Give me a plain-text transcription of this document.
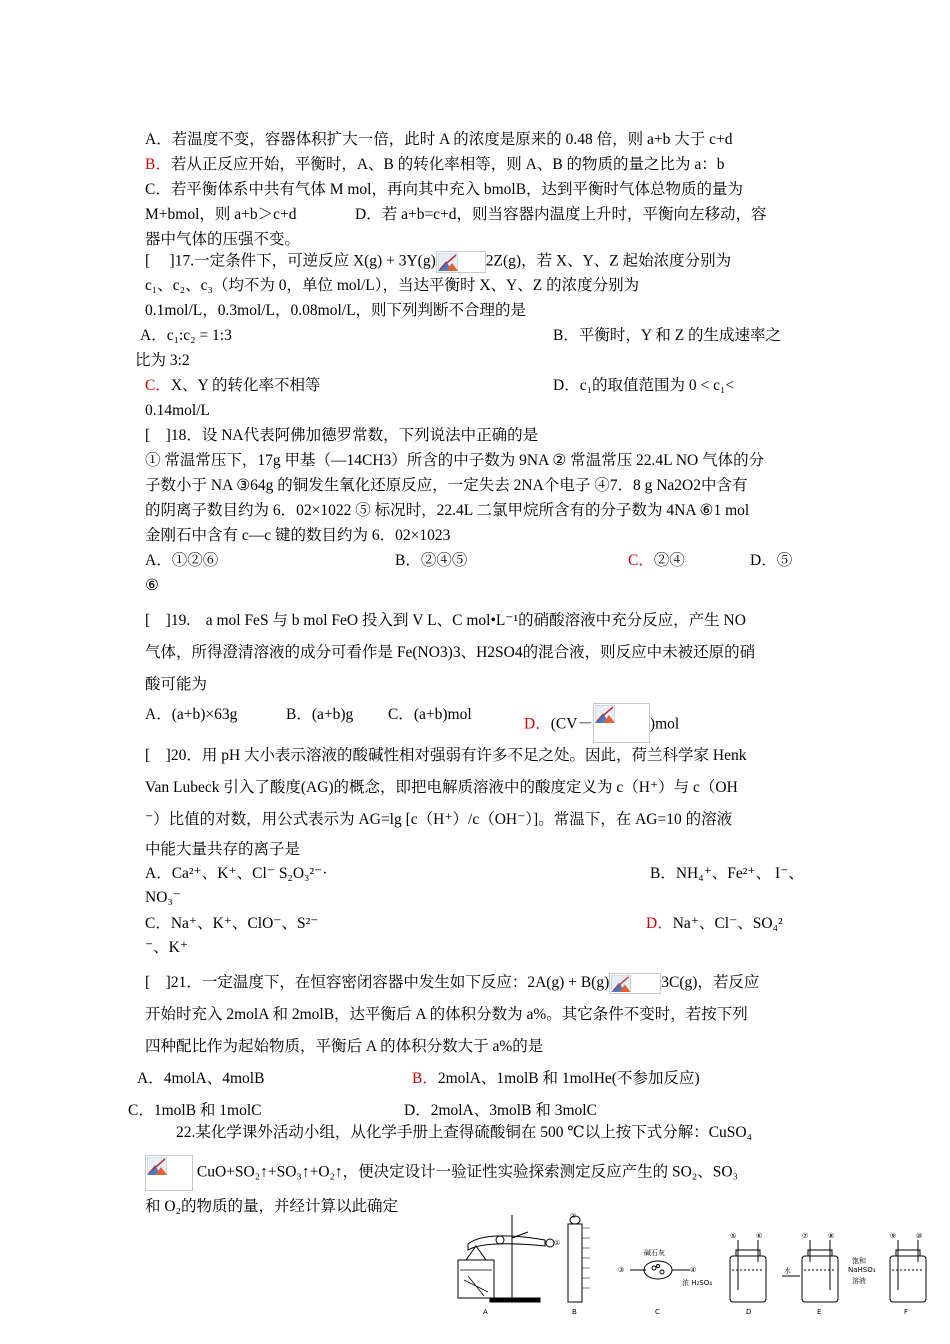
A．若温度不变，容器体积扩大一倍，此时 A 的浓度是原来的 0.48 倍，则 a+b 大于 c+d
B．若从正反应开始，平衡时，A、B 的转化率相等，则 A、B 的物质的量之比为 a：b
C．若平衡体系中共有气体 M mol，再向其中充入 bmolB，达到平衡时气体总物质的量为
M+bmol，则 a+b＞c+d	D．若 a+b=c+d，则当容器内温度上升时，平衡向左移动，容
器中气体的压强不变。
[　 ]17.一定条件下，可逆反应 X(g) + 3Y(g)	2Z(g)，若 X、Y、Z 起始浓度分别为
c₁、c₂、c₃（均不为 0，单位 mol/L），当达平衡时 X、Y、Z 的浓度分别为
0.1mol/L，0.3mol/L，0.08mol/L，则下列判断不合理的是
A．c₁:c₂ = 1:3	B．平衡时，Y 和 Z 的生成速率之
比为 3:2
C．X、Y 的转化率不相等	D．c₁的取值范围为 0 < c₁<
0.14mol/L
[　]18．设 NA代表阿佛加德罗常数，下列说法中正确的是
① 常温常压下，17g 甲基（—14CH3）所含的中子数为 9NA ② 常温常压 22.4L NO 气体的分
子数小于 NA ③64g 的铜发生氧化还原反应，一定失去 2NA个电子 ④7．8 g Na2O2中含有
的阴离子数目约为 6．02×1022 ⑤ 标况时，22.4L 二氯甲烷所含有的分子数为 4NA ⑥1 mol
金刚石中含有 c—c 键的数目约为 6．02×1023
A．①②⑥	B．②④⑤	C．②④	D．⑤
⑥
[　]19.　a mol FeS 与 b mol FeO 投入到 V L、C mol•L⁻¹的硝酸溶液中充分反应，产生 NO
气体，所得澄清溶液的成分可看作是 Fe(NO3)3、H2SO4的混合液，则反应中未被还原的硝
酸可能为
A．(a+b)×63g	B．(a+b)g C．(a+b)mol
D．(CV－	)mol
[　]20．用 pH 大小表示溶液的酸碱性相对强弱有许多不足之处。因此，荷兰科学家 Henk
Van Lubeck 引入了酸度(AG)的概念，即把电解质溶液中的酸度定义为 c（H⁺）与 c（OH
⁻）比值的对数，用公式表示为 AG=lg [c（H⁺）/c（OH⁻）]。常温下，在 AG=10 的溶液
中能大量共存的离子是
A．Ca²⁺、K⁺、Cl⁻ S₂O₃²⁻·	B．NH₄⁺、Fe²⁺、 I⁻、
NO₃⁻
C．Na⁺、K⁺、ClO⁻、S²⁻	D．Na⁺、Cl⁻、SO₄²
⁻、K⁺
[　]21．一定温度下，在恒容密闭容器中发生如下反应：2A(g) + B(g)	3C(g)，若反应
开始时充入 2molA 和 2molB，达平衡后 A 的体积分数为 a%。其它条件不变时，若按下列
四种配比作为起始物质，平衡后 A 的体积分数大于 a%的是
A．4molA、4molB	B．2molA、1molB 和 1molHe(不参加反应)
C．1molB 和 1molC	D．2molA、3molB 和 3molC
22.某化学课外活动小组，从化学手册上查得硫酸铜在 500 ℃以上按下式分解：CuSO₄
CuO+SO₂↑+SO₃↑+O₂↑，便决定设计一验证性实验探索测定反应产生的 SO₂、SO₃
和 O₂的物质的量，并经计算以此确定
A	B	C	D	E	F
碱石灰
浓 H₂SO₄
水
饱和
NaHSO₃
溶液
①
②
③	④
⑤	⑥	⑦	⑧	⑨	⑩
